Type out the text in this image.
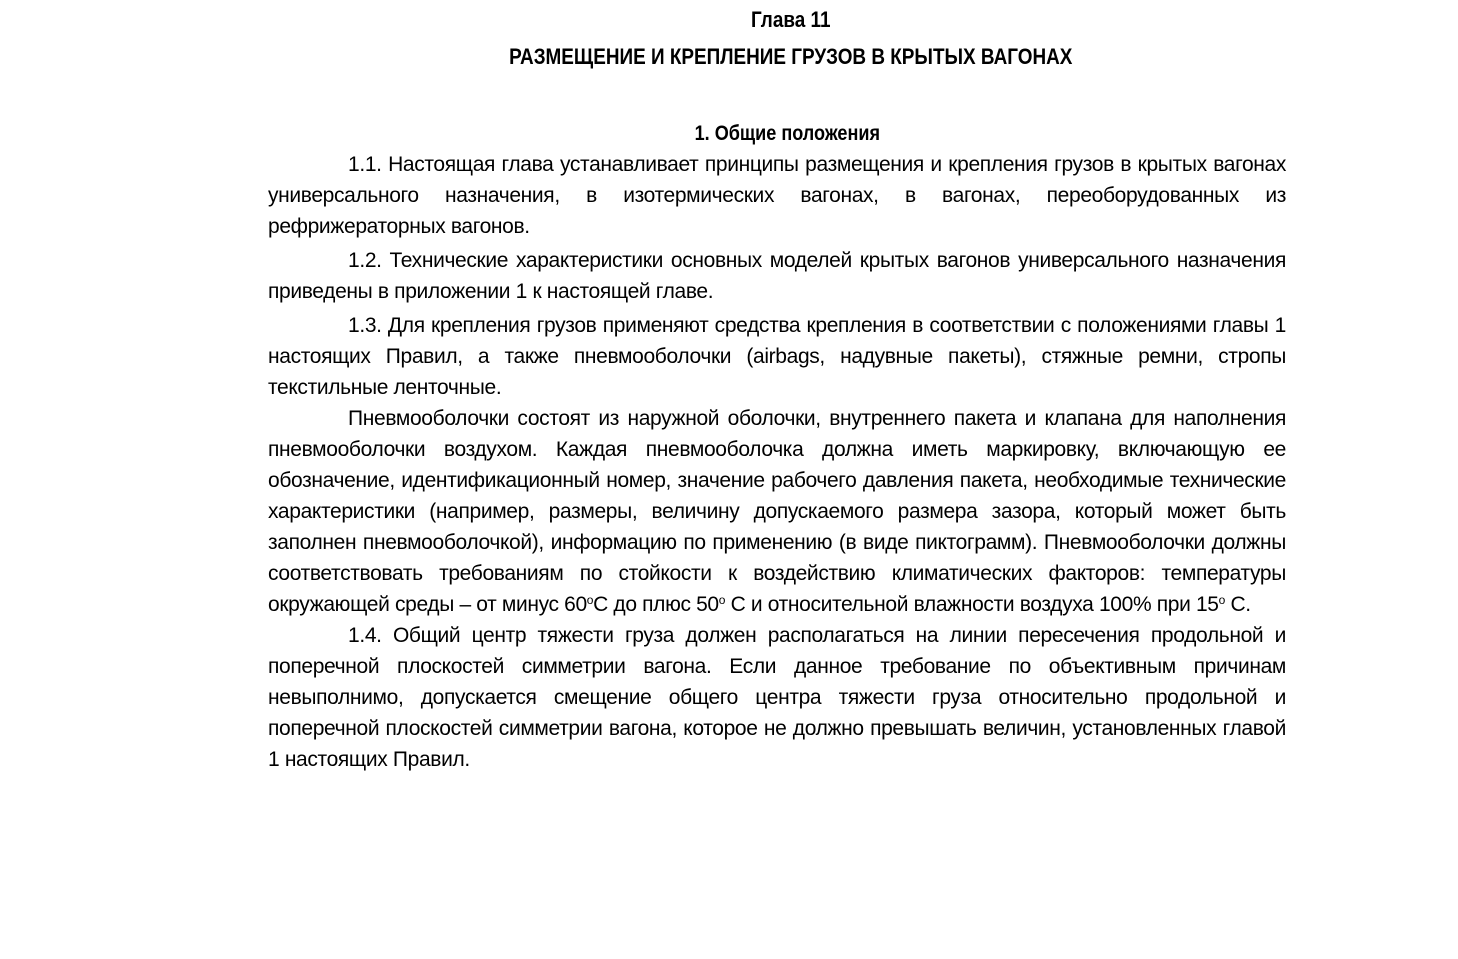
Глава 11
РАЗМЕЩЕНИЕ И КРЕПЛЕНИЕ ГРУЗОВ В КРЫТЫХ ВАГОНАХ
1. Общие положения

1.1. Настоящая глава устанавливает принципы размещения и крепления грузов в крытых вагонах универсального назначения, в изотермических вагонах, в вагонах, переоборудованных из рефрижераторных вагонов.

1.2. Технические характеристики основных моделей крытых вагонов универсального назначения приведены в приложении 1 к настоящей главе.

1.3. Для крепления грузов применяют средства крепления в соответствии с положениями главы 1 настоящих Правил, а также пневмооболочки (airbags, надувные пакеты), стяжные ремни, стропы текстильные ленточные.

Пневмооболочки состоят из наружной оболочки, внутреннего пакета и клапана для наполнения пневмооболочки воздухом. Каждая пневмооболочка должна иметь маркировку, включающую ее обозначение, идентификационный номер, значение рабочего давления пакета, необходимые технические характеристики (например, размеры, величину допускаемого размера зазора, который может быть заполнен пневмооболочкой), информацию по применению (в виде пиктограмм). Пневмооболочки должны соответствовать требованиям по стойкости к воздействию климатических факторов: температуры окружающей среды – от минус $60^оС$ до плюс $50^о$ С и относительной влажности воздуха 100% при $15^о$ С.

1.4. Общий центр тяжести груза должен располагаться на линии пересечения продольной и поперечной плоскостей симметрии вагона. Если данное требование по объективным причинам невыполнимо, допускается смещение общего центра тяжести груза относительно продольной и поперечной плоскостей симметрии вагона, которое не должно превышать величин, установленных главой 1 настоящих Правил.
